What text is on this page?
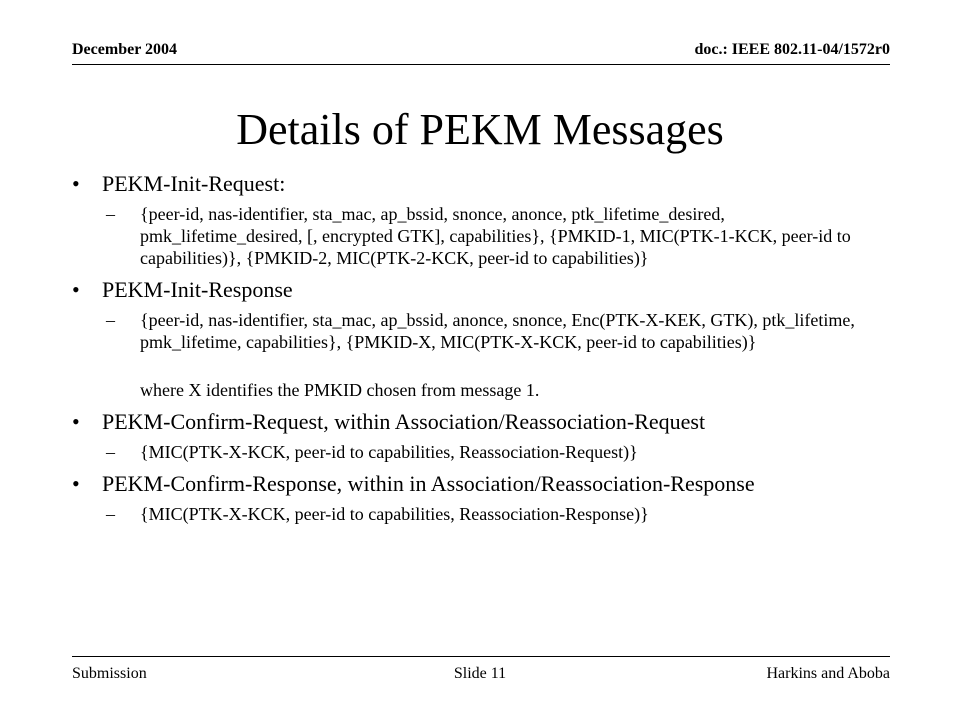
December 2004	doc.: IEEE 802.11-04/1572r0
Details of PEKM Messages
• PEKM-Init-Request:
– {peer-id, nas-identifier, sta_mac, ap_bssid, snonce, anonce, ptk_lifetime_desired, pmk_lifetime_desired, [, encrypted GTK], capabilities}, {PMKID-1, MIC(PTK-1-KCK, peer-id to capabilities)}, {PMKID-2, MIC(PTK-2-KCK, peer-id to capabilities)}
• PEKM-Init-Response
– {peer-id, nas-identifier, sta_mac, ap_bssid, anonce, snonce, Enc(PTK-X-KEK, GTK), ptk_lifetime, pmk_lifetime, capabilities}, {PMKID-X, MIC(PTK-X-KCK, peer-id to capabilities)}
where X identifies the PMKID chosen from message 1.
• PEKM-Confirm-Request, within Association/Reassociation-Request
– {MIC(PTK-X-KCK, peer-id to capabilities, Reassociation-Request)}
• PEKM-Confirm-Response, within in Association/Reassociation-Response
– {MIC(PTK-X-KCK, peer-id to capabilities, Reassociation-Response)}
Submission	Slide 11	Harkins and Aboba
